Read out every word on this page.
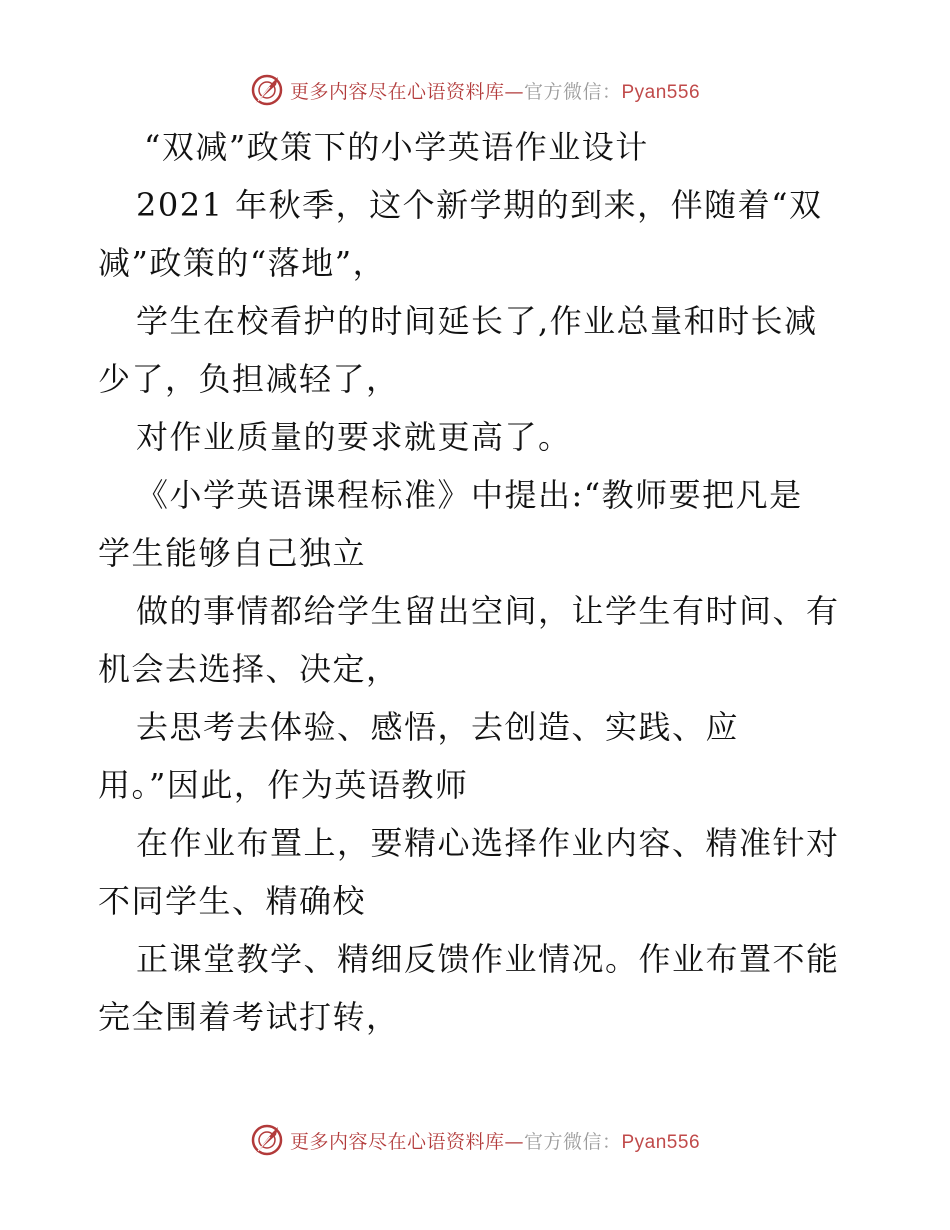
更多内容尽在心语资料库—官方微信：Pyan556
“双减”政策下的小学英语作业设计
2021 年秋季，这个新学期的到来，伴随着“双
减”政策的“落地”，
学生在校看护的时间延长了,作业总量和时长减
少了，负担减轻了，
对作业质量的要求就更高了。
《小学英语课程标准》中提出:“教师要把凡是
学生能够自己独立
做的事情都给学生留出空间，让学生有时间、有
机会去选择、决定，
去思考去体验、感悟，去创造、实践、应
用。”因此，作为英语教师
在作业布置上，要精心选择作业内容、精准针对
不同学生、精确校
正课堂教学、精细反馈作业情况。作业布置不能
完全围着考试打转，
更多内容尽在心语资料库—官方微信：Pyan556
